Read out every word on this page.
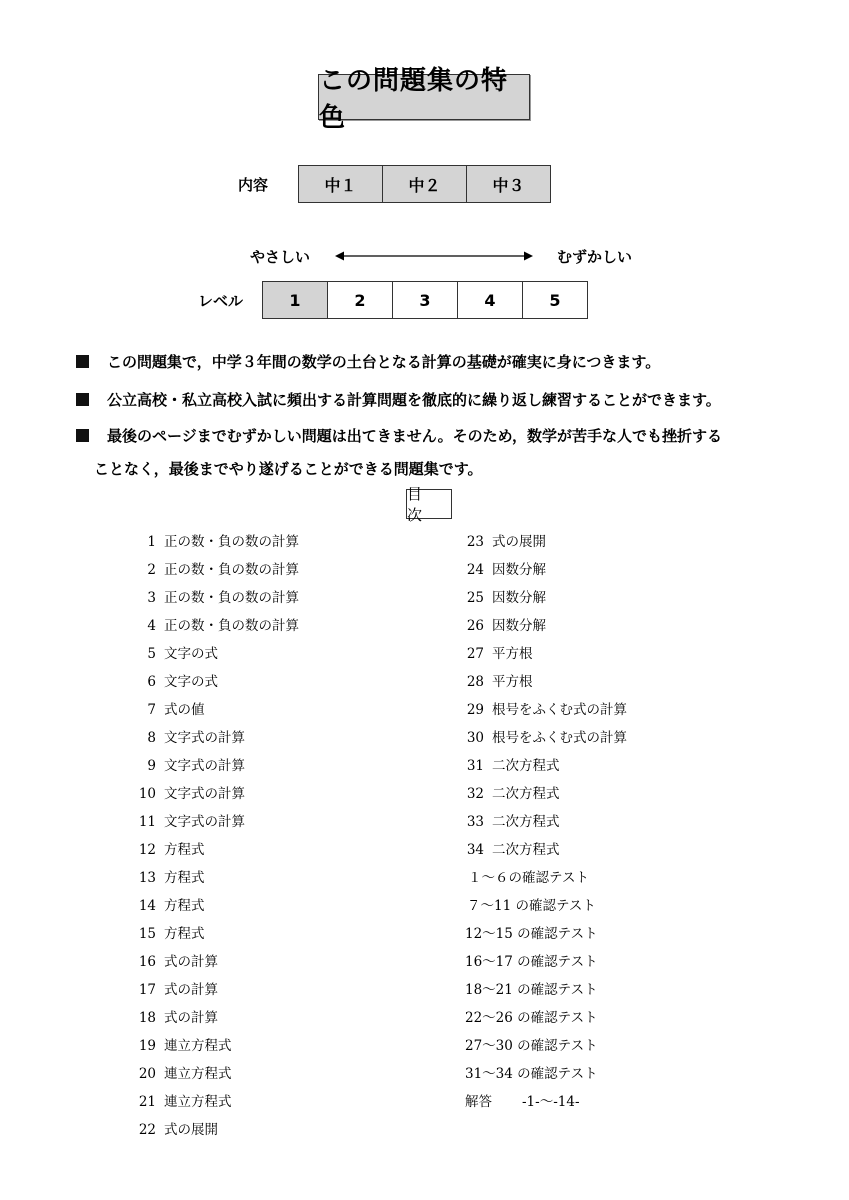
この問題集の特色
内容	中１	中２	中３
やさしい	むずかしい
レベル	1	2	3	4	5
この問題集で，中学３年間の数学の土台となる計算の基礎が確実に身につきます。
公立高校・私立高校入試に頻出する計算問題を徹底的に繰り返し練習することができます。
最後のページまでむずかしい問題は出てきません。そのため，数学が苦手な人でも挫折する
ことなく，最後までやり遂げることができる問題集です。
目 次
1 正の数・負の数の計算
2 正の数・負の数の計算
3 正の数・負の数の計算
4 正の数・負の数の計算
5 文字の式
6 文字の式
7 式の値
8 文字式の計算
9 文字式の計算
10 文字式の計算
11 文字式の計算
12 方程式
13 方程式
14 方程式
15 方程式
16 式の計算
17 式の計算
18 式の計算
19 連立方程式
20 連立方程式
21 連立方程式
22 式の展開
23 式の展開
24 因数分解
25 因数分解
26 因数分解
27 平方根
28 平方根
29 根号をふくむ式の計算
30 根号をふくむ式の計算
31 二次方程式
32 二次方程式
33 二次方程式
34 二次方程式
１～６の確認テスト
７～11 の確認テスト
12～15 の確認テスト
16～17 の確認テスト
18～21 の確認テスト
22～26 の確認テスト
27～30 の確認テスト
31～34 の確認テスト
解答 -1-～-14-
